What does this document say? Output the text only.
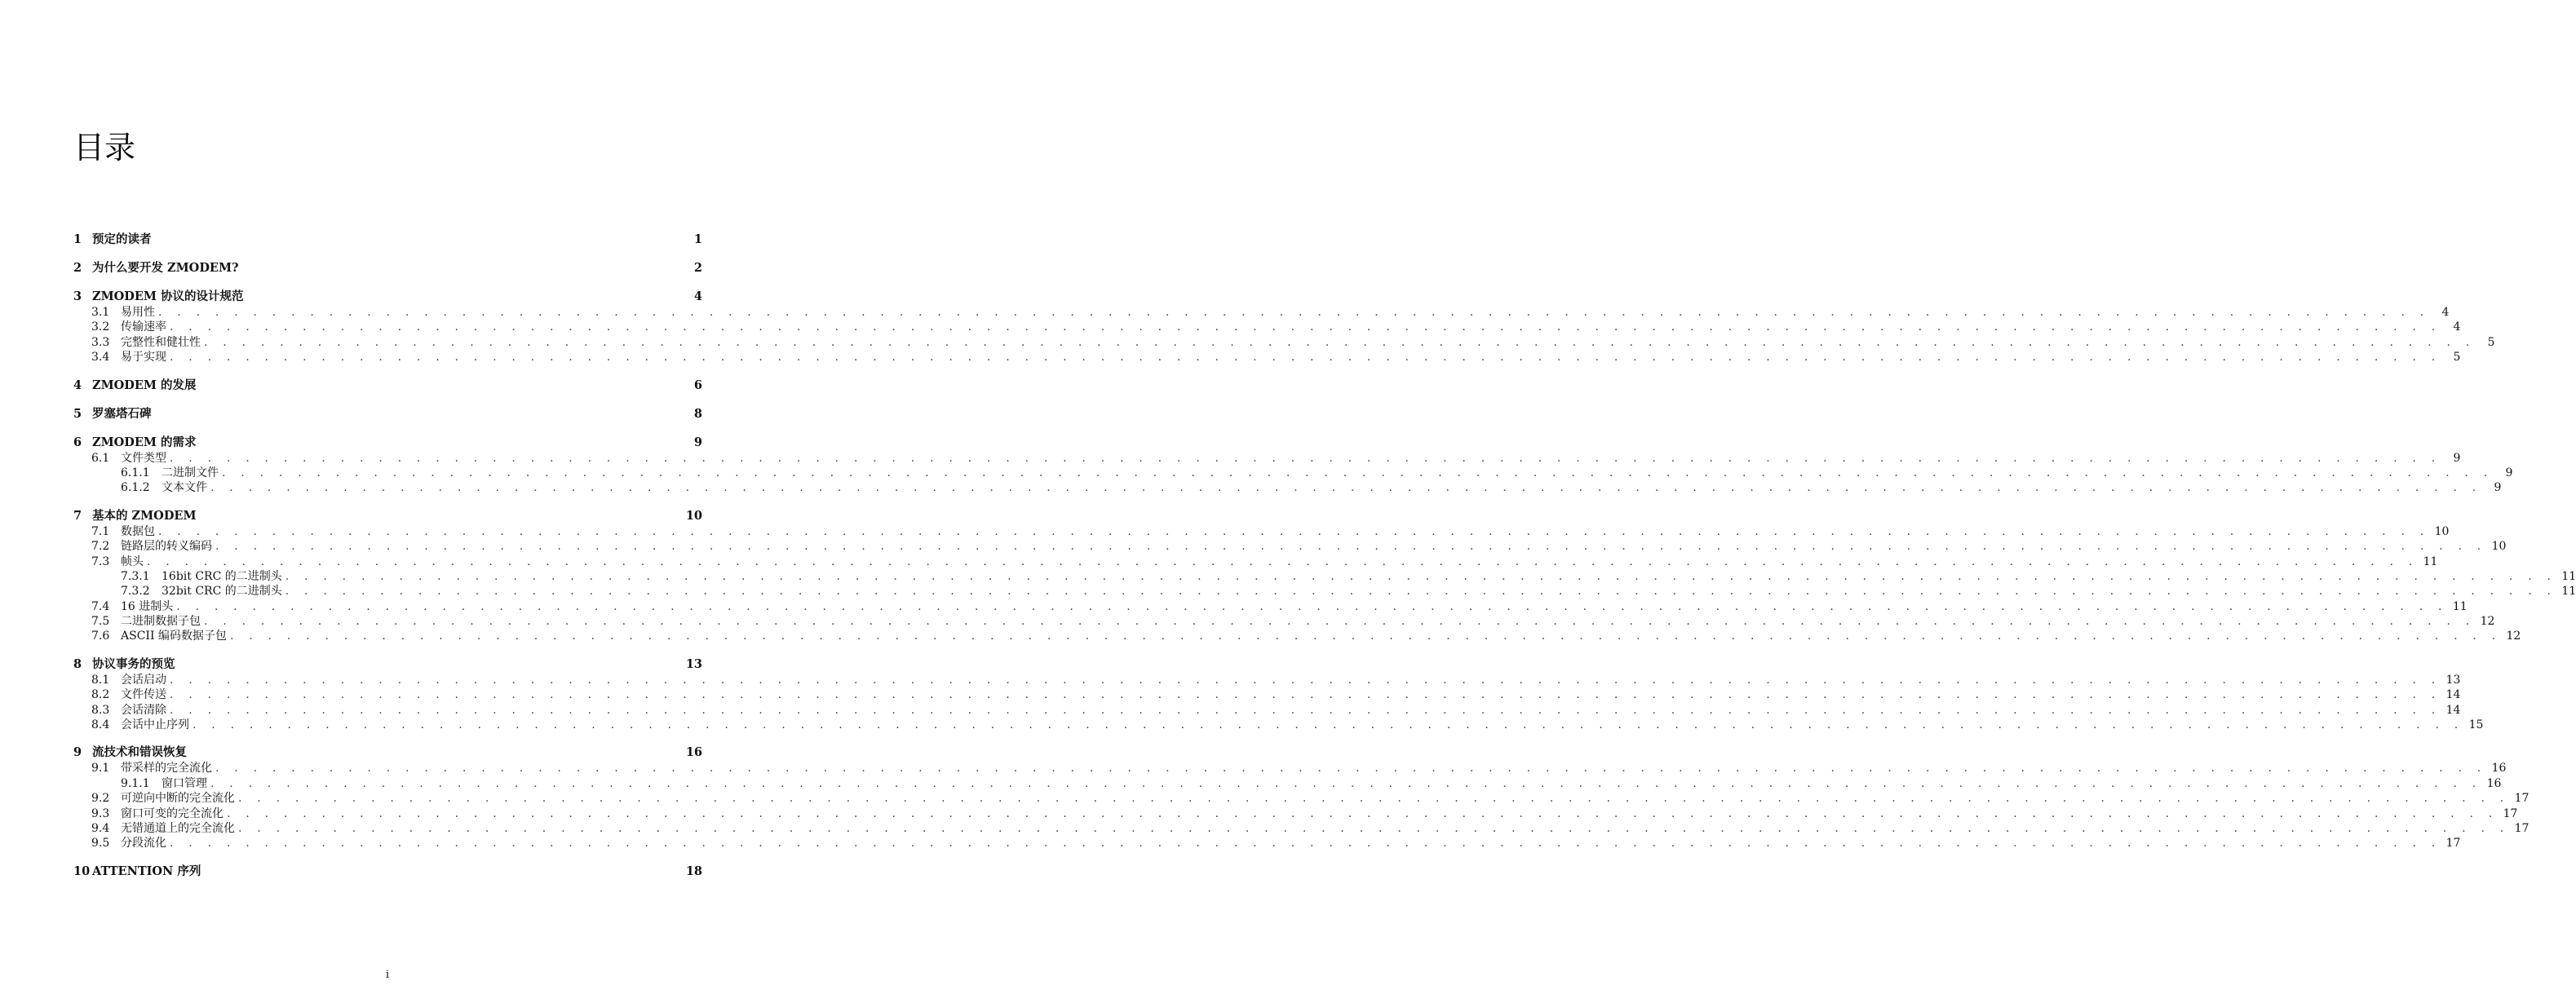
目录
1 预定的读者	1
2 为什么要开发 ZMODEM?	2
3 ZMODEM 协议的设计规范	4
3.1 易用性 . . . . . . . . . . . . . . . . . . . . . . . . . . . . . . . . . . . . . . . . . . . . . . . . . . . . . . . . . . . . . . . . . . . . . . . . . . . . . . . . . . . . . . . . . . . . . . . . . . . . . . . . . . . . . . . . . . . . . . . .	4
3.2 传输速率 . . . . . . . . . . . . . . . . . . . . . . . . . . . . . . . . . . . . . . . . . . . . . . . . . . . . . . . . . . . . . . . . . . . . . . . . . . . . . . . . . . . . . . . . . . . . . . . . . . . . . . . . . . . . . . . . . . . . . . . .	4
3.3 完整性和健壮性 . . . . . . . . . . . . . . . . . . . . . . . . . . . . . . . . . . . . . . . . . . . . . . . . . . . . . . . . . . . . . . . . . . . . . . . . . . . . . . . . . . . . . . . . . . . . . . . . . . . . . . . . . . . . . . . . . . . . . . . .	5
3.4 易于实现 . . . . . . . . . . . . . . . . . . . . . . . . . . . . . . . . . . . . . . . . . . . . . . . . . . . . . . . . . . . . . . . . . . . . . . . . . . . . . . . . . . . . . . . . . . . . . . . . . . . . . . . . . . . . . . . . . . . . . . . .	5
4 ZMODEM 的发展	6
5 罗塞塔石碑	8
6 ZMODEM 的需求	9
6.1 文件类型 . . . . . . . . . . . . . . . . . . . . . . . . . . . . . . . . . . . . . . . . . . . . . . . . . . . . . . . . . . . . . . . . . . . . . . . . . . . . . . . . . . . . . . . . . . . . . . . . . . . . . . . . . . . . . . . . . . . . . . . .	9
6.1.1	二进制文件 . . . . . . . . . . . . . . . . . . . . . . . . . . . . . . . . . . . . . . . . . . . . . . . . . . . . . . . . . . . . . . . . . . . . . . . . . . . . . . . . . . . . . . . . . . . . . . . . . . . . . . . . . . . . . . . . . . . . . . . .	9
6.1.2	文本文件 . . . . . . . . . . . . . . . . . . . . . . . . . . . . . . . . . . . . . . . . . . . . . . . . . . . . . . . . . . . . . . . . . . . . . . . . . . . . . . . . . . . . . . . . . . . . . . . . . . . . . . . . . . . . . . . . . . . . . . . .	9
7 基本的 ZMODEM	10
7.1 数据包 . . . . . . . . . . . . . . . . . . . . . . . . . . . . . . . . . . . . . . . . . . . . . . . . . . . . . . . . . . . . . . . . . . . . . . . . . . . . . . . . . . . . . . . . . . . . . . . . . . . . . . . . . . . . . . . . . . . . . . . . 10
7.2 链路层的转义编码 . . . . . . . . . . . . . . . . . . . . . . . . . . . . . . . . . . . . . . . . . . . . . . . . . . . . . . . . . . . . . . . . . . . . . . . . . . . . . . . . . . . . . . . . . . . . . . . . . . . . . . . . . . . . . . . . . . . . . . . . 10
7.3 帧头 . . . . . . . . . . . . . . . . . . . . . . . . . . . . . . . . . . . . . . . . . . . . . . . . . . . . . . . . . . . . . . . . . . . . . . . . . . . . . . . . . . . . . . . . . . . . . . . . . . . . . . . . . . . . . . . . . . . . . . . . 11
7.3.1	16bit CRC 的二进制头 . . . . . . . . . . . . . . . . . . . . . . . . . . . . . . . . . . . . . . . . . . . . . . . . . . . . . . . . . . . . . . . . . . . . . . . . . . . . . . . . . . . . . . . . . . . . . . . . . . . . . . . . . . . . . . . . . . . . . . . . 11
7.3.2	32bit CRC 的二进制头 . . . . . . . . . . . . . . . . . . . . . . . . . . . . . . . . . . . . . . . . . . . . . . . . . . . . . . . . . . . . . . . . . . . . . . . . . . . . . . . . . . . . . . . . . . . . . . . . . . . . . . . . . . . . . . . . . . . . . . . . 11
7.4 16 进制头 . . . . . . . . . . . . . . . . . . . . . . . . . . . . . . . . . . . . . . . . . . . . . . . . . . . . . . . . . . . . . . . . . . . . . . . . . . . . . . . . . . . . . . . . . . . . . . . . . . . . . . . . . . . . . . . . . . . . . . . . 11
7.5 二进制数据子包 . . . . . . . . . . . . . . . . . . . . . . . . . . . . . . . . . . . . . . . . . . . . . . . . . . . . . . . . . . . . . . . . . . . . . . . . . . . . . . . . . . . . . . . . . . . . . . . . . . . . . . . . . . . . . . . . . . . . . . . . 12
7.6 ASCII 编码数据子包 . . . . . . . . . . . . . . . . . . . . . . . . . . . . . . . . . . . . . . . . . . . . . . . . . . . . . . . . . . . . . . . . . . . . . . . . . . . . . . . . . . . . . . . . . . . . . . . . . . . . . . . . . . . . . . . . . . . . . . . . 12
8 协议事务的预览	13
8.1 会话启动 . . . . . . . . . . . . . . . . . . . . . . . . . . . . . . . . . . . . . . . . . . . . . . . . . . . . . . . . . . . . . . . . . . . . . . . . . . . . . . . . . . . . . . . . . . . . . . . . . . . . . . . . . . . . . . . . . . . . . . . . 13
8.2 文件传送 . . . . . . . . . . . . . . . . . . . . . . . . . . . . . . . . . . . . . . . . . . . . . . . . . . . . . . . . . . . . . . . . . . . . . . . . . . . . . . . . . . . . . . . . . . . . . . . . . . . . . . . . . . . . . . . . . . . . . . . . 14
8.3 会话清除 . . . . . . . . . . . . . . . . . . . . . . . . . . . . . . . . . . . . . . . . . . . . . . . . . . . . . . . . . . . . . . . . . . . . . . . . . . . . . . . . . . . . . . . . . . . . . . . . . . . . . . . . . . . . . . . . . . . . . . . . 14
8.4 会话中止序列 . . . . . . . . . . . . . . . . . . . . . . . . . . . . . . . . . . . . . . . . . . . . . . . . . . . . . . . . . . . . . . . . . . . . . . . . . . . . . . . . . . . . . . . . . . . . . . . . . . . . . . . . . . . . . . . . . . . . . . . . 15
9 流技术和错误恢复	16
9.1 带采样的完全流化 . . . . . . . . . . . . . . . . . . . . . . . . . . . . . . . . . . . . . . . . . . . . . . . . . . . . . . . . . . . . . . . . . . . . . . . . . . . . . . . . . . . . . . . . . . . . . . . . . . . . . . . . . . . . . . . . . . . . . . . . 16
9.1.1	窗口管理 . . . . . . . . . . . . . . . . . . . . . . . . . . . . . . . . . . . . . . . . . . . . . . . . . . . . . . . . . . . . . . . . . . . . . . . . . . . . . . . . . . . . . . . . . . . . . . . . . . . . . . . . . . . . . . . . . . . . . . . . 16
9.2 可逆向中断的完全流化 . . . . . . . . . . . . . . . . . . . . . . . . . . . . . . . . . . . . . . . . . . . . . . . . . . . . . . . . . . . . . . . . . . . . . . . . . . . . . . . . . . . . . . . . . . . . . . . . . . . . . . . . . . . . . . . . . . . . . . . . 17
9.3 窗口可变的完全流化 . . . . . . . . . . . . . . . . . . . . . . . . . . . . . . . . . . . . . . . . . . . . . . . . . . . . . . . . . . . . . . . . . . . . . . . . . . . . . . . . . . . . . . . . . . . . . . . . . . . . . . . . . . . . . . . . . . . . . . . . 17
9.4 无错通道上的完全流化 . . . . . . . . . . . . . . . . . . . . . . . . . . . . . . . . . . . . . . . . . . . . . . . . . . . . . . . . . . . . . . . . . . . . . . . . . . . . . . . . . . . . . . . . . . . . . . . . . . . . . . . . . . . . . . . . . . . . . . . . 17
9.5 分段流化 . . . . . . . . . . . . . . . . . . . . . . . . . . . . . . . . . . . . . . . . . . . . . . . . . . . . . . . . . . . . . . . . . . . . . . . . . . . . . . . . . . . . . . . . . . . . . . . . . . . . . . . . . . . . . . . . . . . . . . . . 17
10 ATTENTION 序列	18
i
